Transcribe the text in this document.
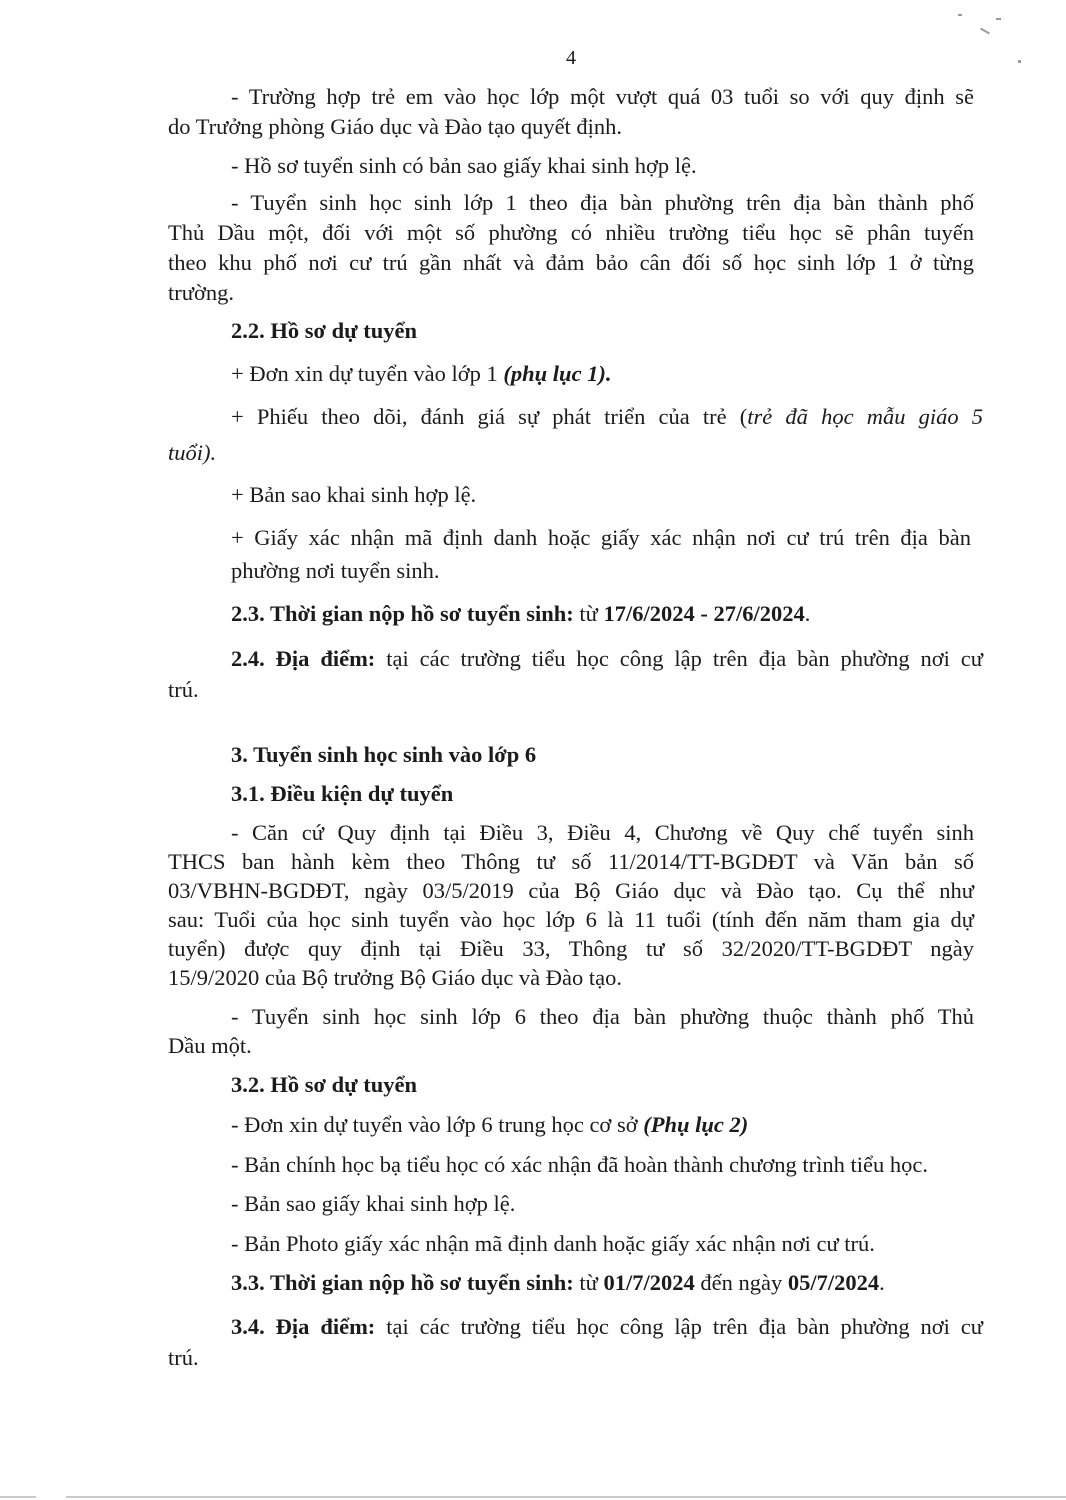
4
- Trường hợp trẻ em vào học lớp một vượt quá 03 tuổi so với quy định sẽ
do Trưởng phòng Giáo dục và Đào tạo quyết định.
- Hồ sơ tuyển sinh có bản sao giấy khai sinh hợp lệ.
- Tuyển sinh học sinh lớp 1 theo địa bàn phường trên địa bàn thành phố
Thủ Dầu một, đối với một số phường có nhiều trường tiểu học sẽ phân tuyến
theo khu phố nơi cư trú gần nhất và đảm bảo cân đối số học sinh lớp 1 ở từng
trường.
2.2. Hồ sơ dự tuyển
+ Đơn xin dự tuyển vào lớp 1 (phụ lục 1).
+ Phiếu theo dõi, đánh giá sự phát triển của trẻ (trẻ đã học mẫu giáo 5
tuổi).
+ Bản sao khai sinh hợp lệ.
+ Giấy xác nhận mã định danh hoặc giấy xác nhận nơi cư trú trên địa bàn
phường nơi tuyển sinh.
2.3. Thời gian nộp hồ sơ tuyển sinh: từ 17/6/2024 - 27/6/2024.
2.4. Địa điểm: tại các trường tiểu học công lập trên địa bàn phường nơi cư
trú.
3. Tuyển sinh học sinh vào lớp 6
3.1. Điều kiện dự tuyển
- Căn cứ Quy định tại Điều 3, Điều 4, Chương về Quy chế tuyển sinh
THCS ban hành kèm theo Thông tư số 11/2014/TT-BGDĐT và Văn bản số
03/VBHN-BGDĐT, ngày 03/5/2019 của Bộ Giáo dục và Đào tạo. Cụ thể như
sau: Tuổi của học sinh tuyển vào học lớp 6 là 11 tuổi (tính đến năm tham gia dự
tuyển) được quy định tại Điều 33, Thông tư số 32/2020/TT-BGDĐT ngày
15/9/2020 của Bộ trưởng Bộ Giáo dục và Đào tạo.
- Tuyển sinh học sinh lớp 6 theo địa bàn phường thuộc thành phố Thủ
Dầu một.
3.2. Hồ sơ dự tuyển
- Đơn xin dự tuyển vào lớp 6 trung học cơ sở (Phụ lục 2)
- Bản chính học bạ tiểu học có xác nhận đã hoàn thành chương trình tiểu học.
- Bản sao giấy khai sinh hợp lệ.
- Bản Photo giấy xác nhận mã định danh hoặc giấy xác nhận nơi cư trú.
3.3. Thời gian nộp hồ sơ tuyển sinh: từ 01/7/2024 đến ngày 05/7/2024.
3.4. Địa điểm: tại các trường tiểu học công lập trên địa bàn phường nơi cư
trú.
